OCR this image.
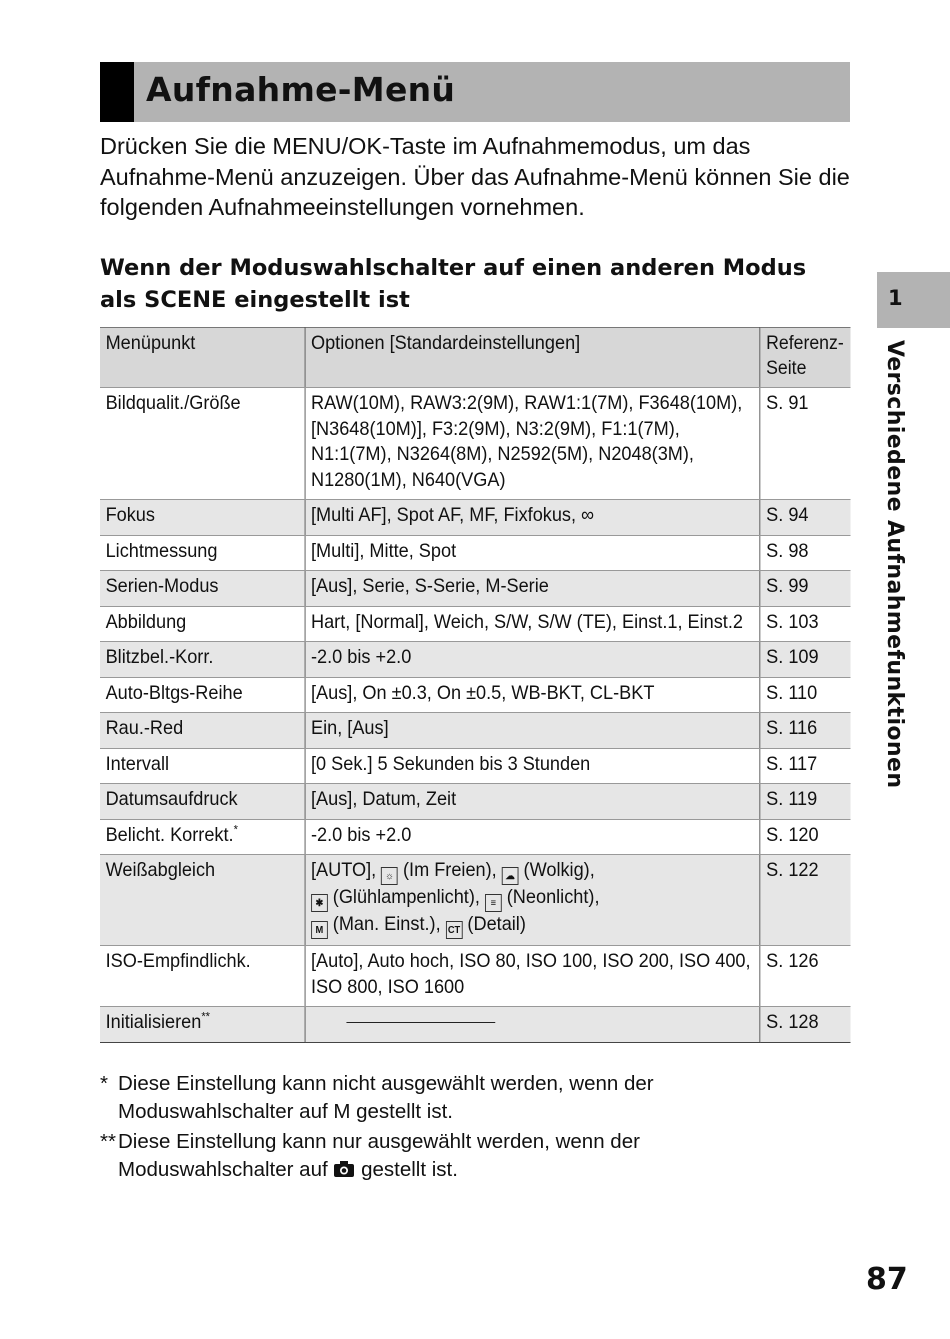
Aufnahme-Menü
Drücken Sie die MENU/OK-Taste im Aufnahmemodus, um das Aufnahme-Menü anzuzeigen. Über das Aufnahme-Menü können Sie die folgenden Aufnahmeeinstellungen vornehmen.
Wenn der Moduswahlschalter auf einen anderen Modus als SCENE eingestellt ist
Menüpunkt	Optionen [Standardeinstellungen]	Referenz-Seite
Bildqualit./Größe	RAW(10M), RAW3:2(9M), RAW1:1(7M), F3648(10M), [N3648(10M)], F3:2(9M), N3:2(9M), F1:1(7M), N1:1(7M), N3264(8M), N2592(5M), N2048(3M), N1280(1M), N640(VGA)	S. 91
Fokus	[Multi AF], Spot AF, MF, Fixfokus, ∞	S. 94
Lichtmessung	[Multi], Mitte, Spot	S. 98
Serien-Modus	[Aus], Serie, S-Serie, M-Serie	S. 99
Abbildung	Hart, [Normal], Weich, S/W, S/W (TE), Einst.1, Einst.2	S. 103
Blitzbel.-Korr.	-2.0 bis +2.0	S. 109
Auto-Bltgs-Reihe	[Aus], On ±0.3, On ±0.5, WB-BKT, CL-BKT	S. 110
Rau.-Red	Ein, [Aus]	S. 116
Intervall	[0 Sek.] 5 Sekunden bis 3 Stunden	S. 117
Datumsaufdruck	[Aus], Datum, Zeit	S. 119
Belicht. Korrekt.*	-2.0 bis +2.0	S. 120
Weißabgleich	[AUTO], ☼ (Im Freien), ☁ (Wolkig),
✱ (Glühlampenlicht), ≡ (Neonlicht),
M (Man. Einst.), CT (Detail)	S. 122
ISO-Empfindlichk.	[Auto], Auto hoch, ISO 80, ISO 100, ISO 200, ISO 400, ISO 800, ISO 1600	S. 126
Initialisieren**		S. 128
* Diese Einstellung kann nicht ausgewählt werden, wenn der Moduswahlschalter auf M gestellt ist.
** Diese Einstellung kann nur ausgewählt werden, wenn der Moduswahlschalter auf gestellt ist.
1
Verschiedene Aufnahmefunktionen
87
